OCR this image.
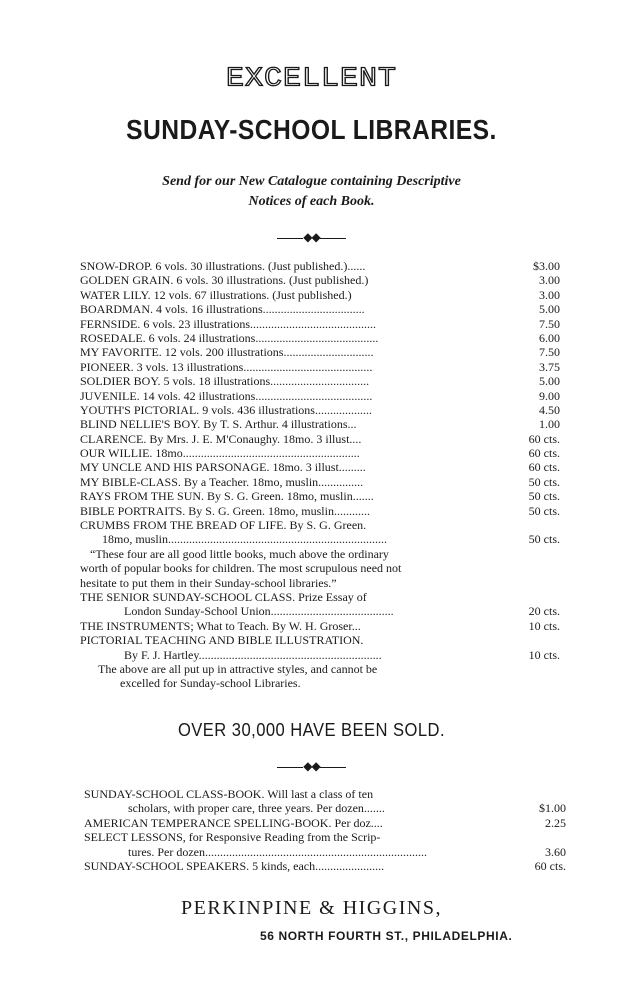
EXCELLENT
SUNDAY-SCHOOL LIBRARIES.
Send for our New Catalogue containing Descriptive
Notices of each Book.
◆◆
SNOW-DROP. 6 vols. 30 illustrations. (Just published.)......	$3.00
GOLDEN GRAIN. 6 vols. 30 illustrations. (Just published.)	3.00
WATER LILY. 12 vols. 67 illustrations. (Just published.)	3.00
BOARDMAN. 4 vols. 16 illustrations..................................	5.00
FERNSIDE. 6 vols. 23 illustrations..........................................	7.50
ROSEDALE. 6 vols. 24 illustrations.........................................	6.00
MY FAVORITE. 12 vols. 200 illustrations..............................	7.50
PIONEER. 3 vols. 13 illustrations...........................................	3.75
SOLDIER BOY. 5 vols. 18 illustrations.................................	5.00
JUVENILE. 14 vols. 42 illustrations.......................................	9.00
YOUTH'S PICTORIAL. 9 vols. 436 illustrations...................	4.50
BLIND NELLIE'S BOY. By T. S. Arthur. 4 illustrations...	1.00
CLARENCE. By Mrs. J. E. M'Conaughy. 18mo. 3 illust....	60 cts.
OUR WILLIE. 18mo...........................................................	60 cts.
MY UNCLE AND HIS PARSONAGE. 18mo. 3 illust.........	60 cts.
MY BIBLE-CLASS. By a Teacher. 18mo, muslin...............	50 cts.
RAYS FROM THE SUN. By S. G. Green. 18mo, muslin.......	50 cts.
BIBLE PORTRAITS. By S. G. Green. 18mo, muslin............	50 cts.
CRUMBS FROM THE BREAD OF LIFE. By S. G. Green.
18mo, muslin.........................................................................	50 cts.
“These four are all good little books, much above the ordinary
worth of popular books for children. The most scrupulous need not
hesitate to put them in their Sunday-school libraries.”
THE SENIOR SUNDAY-SCHOOL CLASS. Prize Essay of
London Sunday-School Union.........................................	20 cts.
THE INSTRUMENTS; What to Teach. By W. H. Groser...	10 cts.
PICTORIAL TEACHING AND BIBLE ILLUSTRATION.
By F. J. Hartley.............................................................	10 cts.
The above are all put up in attractive styles, and cannot be
excelled for Sunday-school Libraries.
OVER 30,000 HAVE BEEN SOLD.
◆◆
SUNDAY-SCHOOL CLASS-BOOK. Will last a class of ten
scholars, with proper care, three years. Per dozen.......	$1.00
AMERICAN TEMPERANCE SPELLING-BOOK. Per doz....	2.25
SELECT LESSONS, for Responsive Reading from the Scrip-
tures. Per dozen..........................................................................	3.60
SUNDAY-SCHOOL SPEAKERS. 5 kinds, each.......................	60 cts.
PERKINPINE & HIGGINS,
56 NORTH FOURTH ST., PHILADELPHIA.
